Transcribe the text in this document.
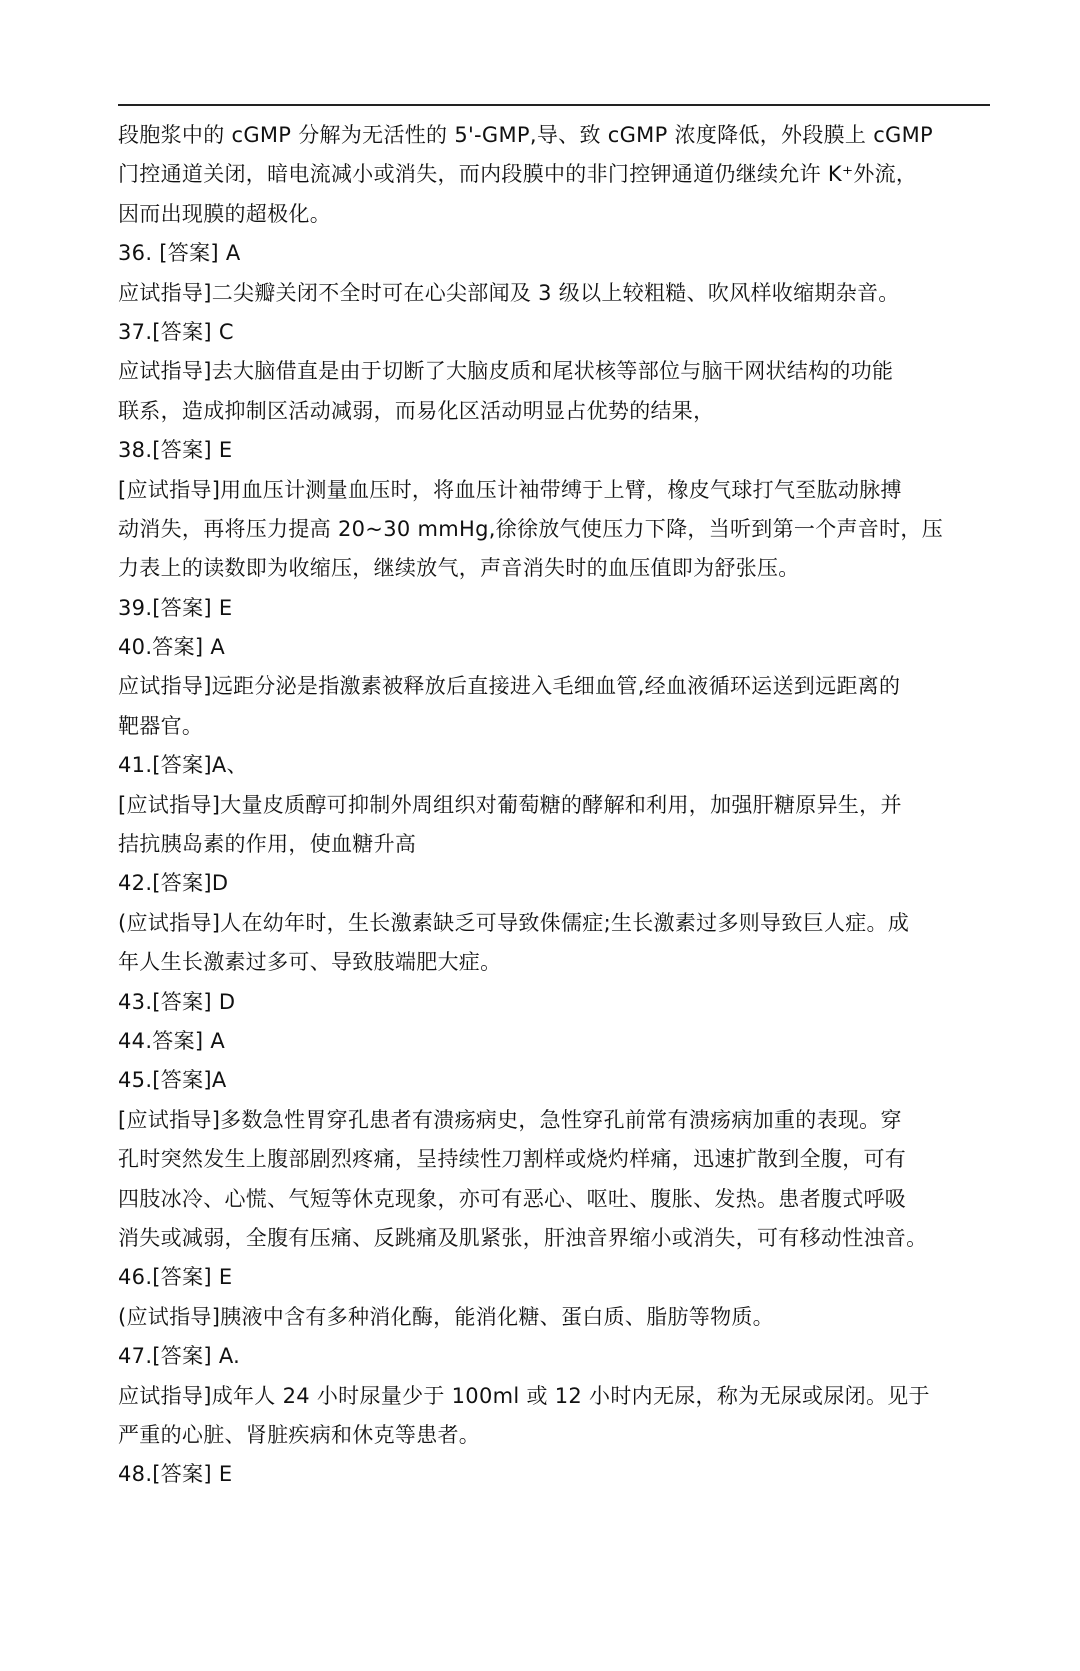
段胞浆中的 cGMP 分解为无活性的 5'-GMP,导、致 cGMP 浓度降低，外段膜上 cGMP
门控通道关闭，暗电流减小或消失，而内段膜中的非门控钾通道仍继续允许 K⁺外流，
因而出现膜的超极化。
36. [答案] A
应试指导]二尖瓣关闭不全时可在心尖部闻及 3 级以上较粗糙、吹风样收缩期杂音。
37.[答案] C
应试指导]去大脑借直是由于切断了大脑皮质和尾状核等部位与脑干网状结构的功能
联系，造成抑制区活动减弱，而易化区活动明显占优势的结果，
38.[答案] E
[应试指导]用血压计测量血压时，将血压计袖带缚于上臂，橡皮气球打气至肱动脉搏
动消失，再将压力提高 20~30 mmHg,徐徐放气使压力下降，当听到第一个声音时，压
力表上的读数即为收缩压，继续放气，声音消失时的血压值即为舒张压。
39.[答案] E
40.答案] A
应试指导]远距分泌是指激素被释放后直接进入毛细血管,经血液循环运送到远距离的
靶器官。
41.[答案]A、
[应试指导]大量皮质醇可抑制外周组织对葡萄糖的酵解和利用，加强肝糖原异生，并
拮抗胰岛素的作用，使血糖升高
42.[答案]D
(应试指导]人在幼年时，生长激素缺乏可导致侏儒症;生长激素过多则导致巨人症。成
年人生长激素过多可、导致肢端肥大症。
43.[答案] D
44.答案] A
45.[答案]A
[应试指导]多数急性胃穿孔患者有溃疡病史，急性穿孔前常有溃疡病加重的表现。穿
孔时突然发生上腹部剧烈疼痛，呈持续性刀割样或烧灼样痛，迅速扩散到全腹，可有
四肢冰冷、心慌、气短等休克现象，亦可有恶心、呕吐、腹胀、发热。患者腹式呼吸
消失或减弱，全腹有压痛、反跳痛及肌紧张，肝浊音界缩小或消失，可有移动性浊音。
46.[答案] E
(应试指导]胰液中含有多种消化酶，能消化糖、蛋白质、脂肪等物质。
47.[答案] A.
应试指导]成年人 24 小时尿量少于 100ml 或 12 小时内无尿，称为无尿或尿闭。见于
严重的心脏、肾脏疾病和休克等患者。
48.[答案] E
